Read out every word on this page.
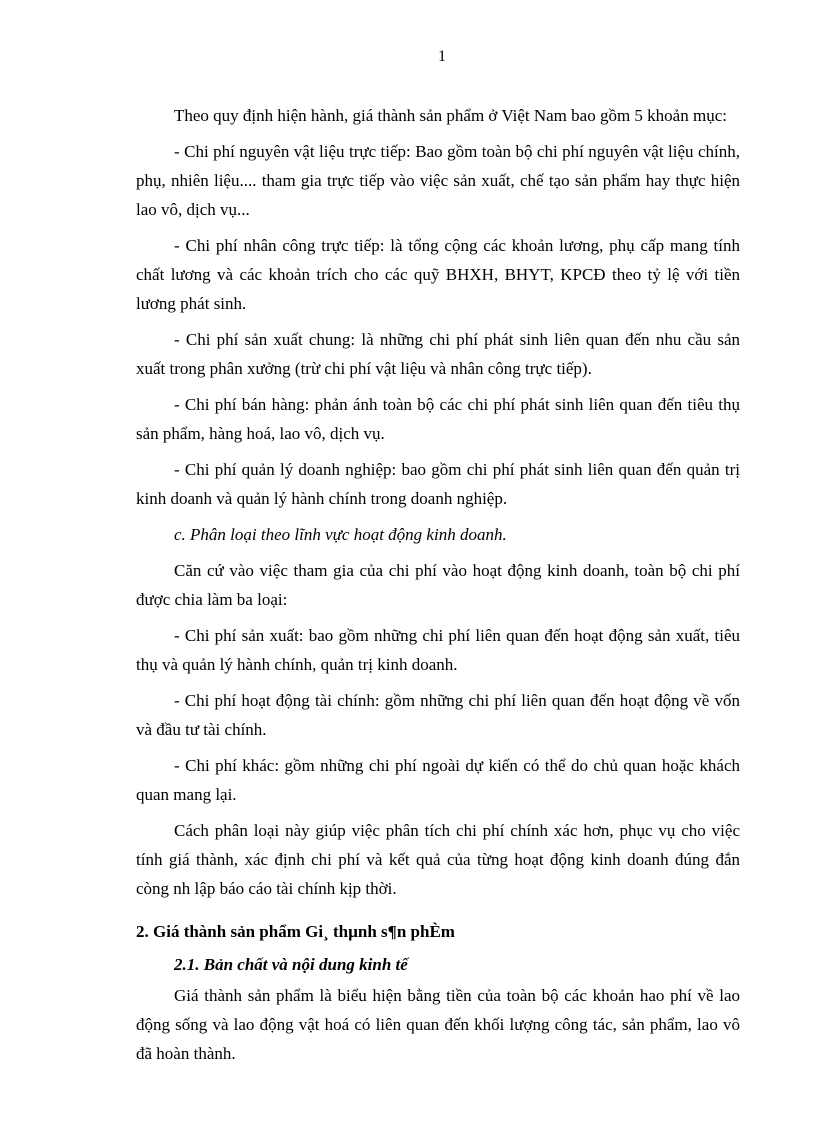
1

Theo quy định hiện hành, giá thành sản phẩm ở Việt Nam bao gồm 5 khoản mục:

- Chi phí nguyên vật liệu trực tiếp: Bao gồm toàn bộ chi phí nguyên vật liệu chính, phụ, nhiên liệu.... tham gia trực tiếp vào việc sản xuất, chế tạo sản phẩm hay thực hiện lao vô, dịch vụ...

- Chi phí nhân công trực tiếp: là tổng cộng các khoản lương, phụ cấp mang tính chất lương và các khoản trích cho các quỹ BHXH, BHYT, KPCĐ theo tỷ lệ với tiền lương phát sinh.

- Chi phí sản xuất chung: là những chi phí phát sinh liên quan đến nhu cầu sản xuất trong phân xưởng (trừ chi phí vật liệu và nhân công trực tiếp).

- Chi phí bán hàng: phản ánh toàn bộ các chi phí phát sinh liên quan đến tiêu thụ sản phẩm, hàng hoá, lao vô, dịch vụ.

- Chi phí quản lý doanh nghiệp: bao gồm chi phí phát sinh liên quan đến quản trị kinh doanh và quản lý hành chính trong doanh nghiệp.

c. Phân loại theo lĩnh vực hoạt động kinh doanh.

Căn cứ vào việc tham gia của chi phí vào hoạt động kinh doanh, toàn bộ chi phí được chia làm ba loại:

- Chi phí sản xuất: bao gồm những chi phí liên quan đến hoạt động sản xuất, tiêu thụ và quản lý hành chính, quản trị kinh doanh.

- Chi phí hoạt động tài chính: gồm những chi phí liên quan đến hoạt động về vốn và đầu tư tài chính.

- Chi phí khác: gồm những chi phí ngoài dự kiến có thể do chủ quan hoặc khách quan mang lại.

Cách phân loại này giúp việc phân tích chi phí chính xác hơn, phục vụ cho việc tính giá thành, xác định chi phí và kết quả của từng hoạt động kinh doanh đúng đắn còng nh lập báo cáo tài chính kịp thời.

2. Giá thành sản phẩm Gi¸ thµnh s¶n phÈm
2.1. Bản chất và nội dung kinh tế

Giá thành sản phẩm là biểu hiện bằng tiền của toàn bộ các khoản hao phí về lao động sống và lao động vật hoá có liên quan đến khối lượng công tác, sản phẩm, lao vô đã hoàn thành.
